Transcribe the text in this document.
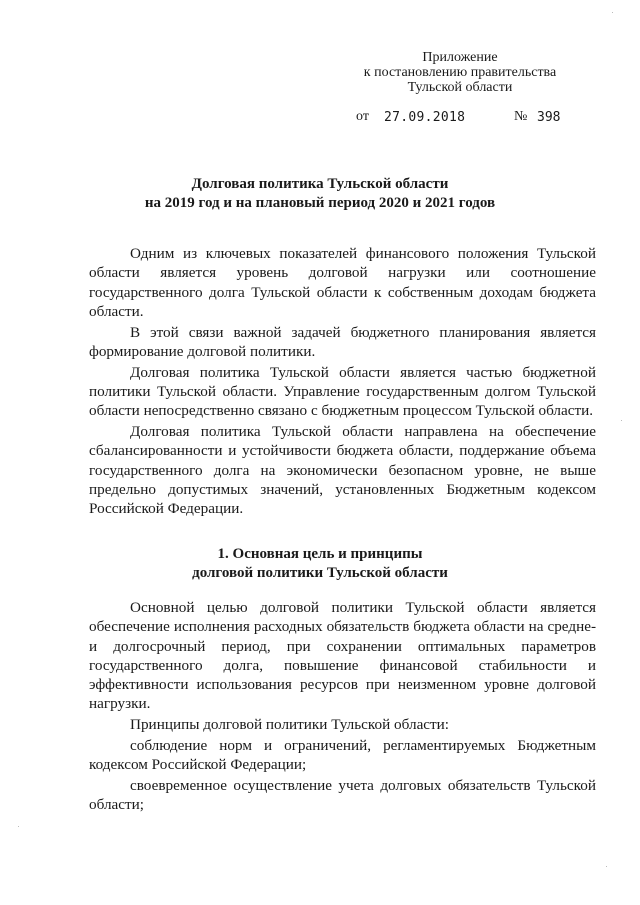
Приложение
к постановлению правительства
Тульской области
от 27.09.2018	№ 398
Долговая политика Тульской области
на 2019 год и на плановый период 2020 и 2021 годов

Одним из ключевых показателей финансового положения Тульской области является уровень долговой нагрузки или соотношение государственного долга Тульской области к собственным доходам бюджета области.

В этой связи важной задачей бюджетного планирования является формирование долговой политики.

Долговая политика Тульской области является частью бюджетной политики Тульской области. Управление государственным долгом Тульской области непосредственно связано с бюджетным процессом Тульской области.

Долговая политика Тульской области направлена на обеспечение сбалансированности и устойчивости бюджета области, поддержание объема государственного долга на экономически безопасном уровне, не выше предельно допустимых значений, установленных Бюджетным кодексом Российской Федерации.

1. Основная цель и принципы
долговой политики Тульской области

Основной целью долговой политики Тульской области является обеспечение исполнения расходных обязательств бюджета области на средне- и долгосрочный период, при сохранении оптимальных параметров государственного долга, повышение финансовой стабильности и эффективности использования ресурсов при неизменном уровне долговой нагрузки.

Принципы долговой политики Тульской области:

соблюдение норм и ограничений, регламентируемых Бюджетным кодексом Российской Федерации;

своевременное осуществление учета долговых обязательств Тульской области;
